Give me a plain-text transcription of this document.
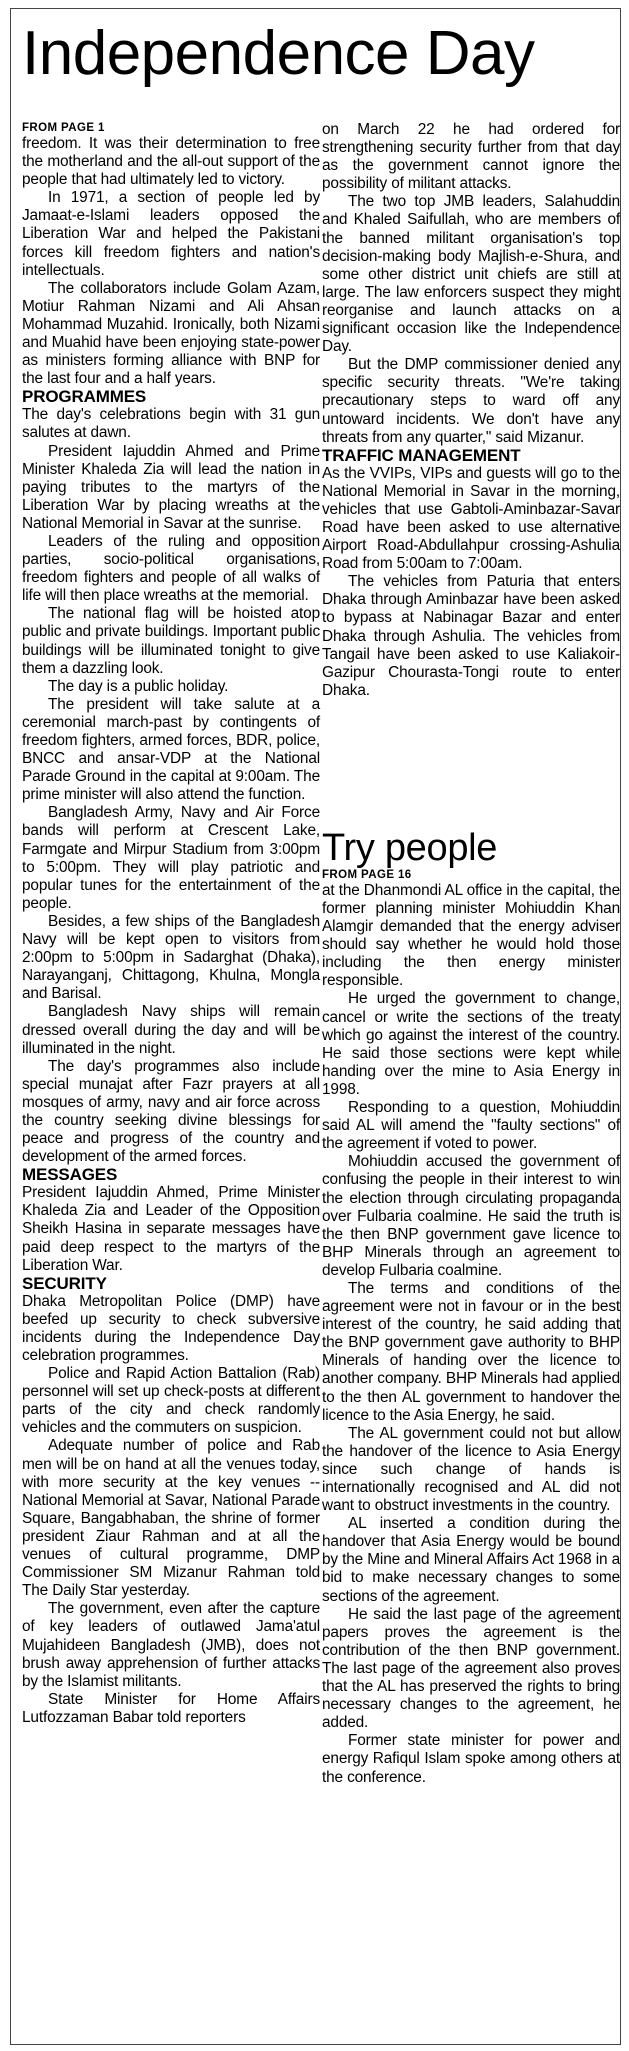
Independence Day
FROM PAGE 1

freedom. It was their determination to free the motherland and the all-out support of the people that had ultimately led to victory.

In 1971, a section of people led by Jamaat-e-Islami leaders opposed the Liberation War and helped the Pakistani forces kill freedom fighters and nation's intellectuals.

The collaborators include Golam Azam, Motiur Rahman Nizami and Ali Ahsan Mohammad Muzahid. Ironically, both Nizami and Muahid have been enjoying state-power as ministers forming alliance with BNP for the last four and a half years.

PROGRAMMES

The day's celebrations begin with 31 gun salutes at dawn.

President Iajuddin Ahmed and Prime Minister Khaleda Zia will lead the nation in paying tributes to the martyrs of the Liberation War by placing wreaths at the National Memorial in Savar at the sunrise.

Leaders of the ruling and opposition parties, socio-political organisations, freedom fighters and people of all walks of life will then place wreaths at the memorial.

The national flag will be hoisted atop public and private buildings. Important public buildings will be illuminated tonight to give them a dazzling look.

The day is a public holiday.

The president will take salute at a ceremonial march-past by contingents of freedom fighters, armed forces, BDR, police, BNCC and ansar-VDP at the National Parade Ground in the capital at 9:00am. The prime minister will also attend the function.

Bangladesh Army, Navy and Air Force bands will perform at Crescent Lake, Farmgate and Mirpur Stadium from 3:00pm to 5:00pm. They will play patriotic and popular tunes for the entertainment of the people.

Besides, a few ships of the Bangladesh Navy will be kept open to visitors from 2:00pm to 5:00pm in Sadarghat (Dhaka), Narayanganj, Chittagong, Khulna, Mongla and Barisal.

Bangladesh Navy ships will remain dressed overall during the day and will be illuminated in the night.

The day's programmes also include special munajat after Fazr prayers at all mosques of army, navy and air force across the country seeking divine blessings for peace and progress of the country and development of the armed forces.

MESSAGES

President Iajuddin Ahmed, Prime Minister Khaleda Zia and Leader of the Opposition Sheikh Hasina in separate messages have paid deep respect to the martyrs of the Liberation War.

SECURITY

Dhaka Metropolitan Police (DMP) have beefed up security to check subversive incidents during the Independence Day celebration programmes.

Police and Rapid Action Battalion (Rab) personnel will set up check-posts at different parts of the city and check randomly vehicles and the commuters on suspicion.

Adequate number of police and Rab men will be on hand at all the venues today, with more security at the key venues -- National Memorial at Savar, National Parade Square, Bangabhaban, the shrine of former president Ziaur Rahman and at all the venues of cultural programme, DMP Commissioner SM Mizanur Rahman told The Daily Star yesterday.

The government, even after the capture of key leaders of outlawed Jama'atul Mujahideen Bangladesh (JMB), does not brush away apprehension of further attacks by the Islamist militants.

State Minister for Home Affairs Lutfozzaman Babar told reporters

on March 22 he had ordered for strengthening security further from that day as the government cannot ignore the possibility of militant attacks.

The two top JMB leaders, Salahuddin and Khaled Saifullah, who are members of the banned militant organisation's top decision-making body Majlish-e-Shura, and some other district unit chiefs are still at large. The law enforcers suspect they might reorganise and launch attacks on a significant occasion like the Independence Day.

But the DMP commissioner denied any specific security threats. "We're taking precautionary steps to ward off any untoward incidents. We don't have any threats from any quarter," said Mizanur.

TRAFFIC MANAGEMENT

As the VVIPs, VIPs and guests will go to the National Memorial in Savar in the morning, vehicles that use Gabtoli-Aminbazar-Savar Road have been asked to use alternative Airport Road-Abdullahpur crossing-Ashulia Road from 5:00am to 7:00am.

The vehicles from Paturia that enters Dhaka through Aminbazar have been asked to bypass at Nabinagar Bazar and enter Dhaka through Ashulia. The vehicles from Tangail have been asked to use Kaliakoir-Gazipur Chourasta-Tongi route to enter Dhaka.

Try people
FROM PAGE 16

at the Dhanmondi AL office in the capital, the former planning minister Mohiuddin Khan Alamgir demanded that the energy adviser should say whether he would hold those including the then energy minister responsible.

He urged the government to change, cancel or write the sections of the treaty which go against the interest of the country. He said those sections were kept while handing over the mine to Asia Energy in 1998.

Responding to a question, Mohiuddin said AL will amend the "faulty sections" of the agreement if voted to power.

Mohiuddin accused the government of confusing the people in their interest to win the election through circulating propaganda over Fulbaria coalmine. He said the truth is the then BNP government gave licence to BHP Minerals through an agreement to develop Fulbaria coalmine.

The terms and conditions of the agreement were not in favour or in the best interest of the country, he said adding that the BNP government gave authority to BHP Minerals of handing over the licence to another company. BHP Minerals had applied to the then AL government to handover the licence to the Asia Energy, he said.

The AL government could not but allow the handover of the licence to Asia Energy since such change of hands is internationally recognised and AL did not want to obstruct investments in the country.

AL inserted a condition during the handover that Asia Energy would be bound by the Mine and Mineral Affairs Act 1968 in a bid to make necessary changes to some sections of the agreement.

He said the last page of the agreement papers proves the agreement is the contribution of the then BNP government. The last page of the agreement also proves that the AL has preserved the rights to bring necessary changes to the agreement, he added.

Former state minister for power and energy Rafiqul Islam spoke among others at the conference.
